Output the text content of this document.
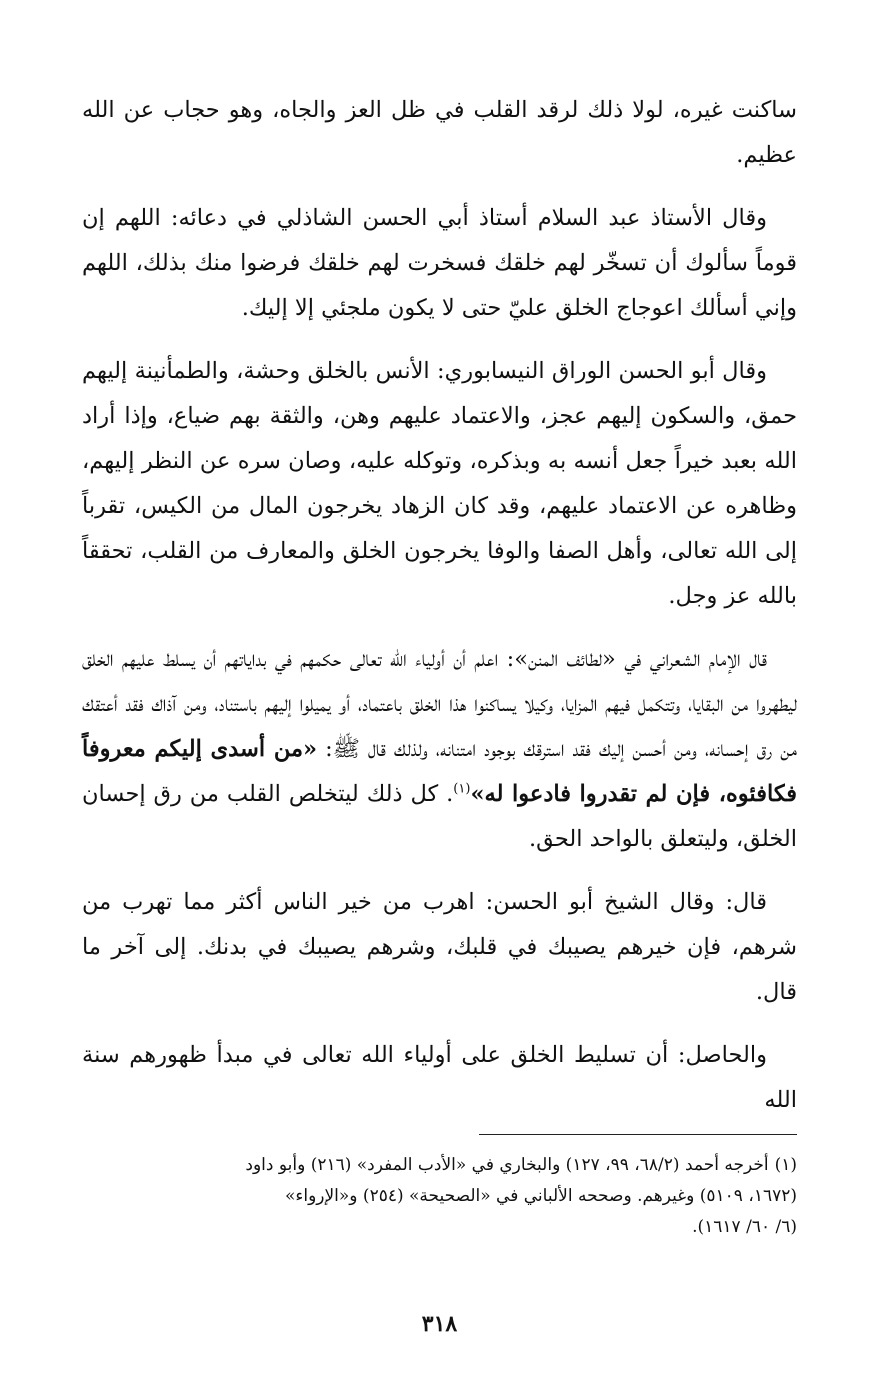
ساكنت غيره، لولا ذلك لرقد القلب في ظل العز والجاه، وهو حجاب عن الله عظيم.

وقال الأستاذ عبد السلام أستاذ أبي الحسن الشاذلي في دعائه: اللهم إن قوماً سألوك أن تسخّر لهم خلقك فسخرت لهم خلقك فرضوا منك بذلك، اللهم وإني أسألك اعوجاج الخلق عليّ حتى لا يكون ملجئي إلا إليك.

وقال أبو الحسن الوراق النيسابوري: الأنس بالخلق وحشة، والطمأنينة إليهم حمق، والسكون إليهم عجز، والاعتماد عليهم وهن، والثقة بهم ضياع، وإذا أراد الله بعبد خيراً جعل أنسه به وبذكره، وتوكله عليه، وصان سره عن النظر إليهم، وظاهره عن الاعتماد عليهم، وقد كان الزهاد يخرجون المال من الكيس، تقرباً إلى الله تعالى، وأهل الصفا والوفا يخرجون الخلق والمعارف من القلب، تحققاً بالله عز وجل.

قال الإمام الشعراني في «لطائف المنن»: اعلم أن أولياء الله تعالى حكمهم في بداياتهم أن يسلط عليهم الخلق ليطهروا من البقايا، وتتكمل فيهم المزايا، وكيلا يساكنوا هذا الخلق باعتماد، أو يميلوا إليهم باستناد، ومن آذاك فقد أعتقك من رق إحسانه، ومن أحسن إليك فقد استرقك بوجود امتنانه، ولذلك قال ﷺ: «من أسدى إليكم معروفاً فكافئوه، فإن لم تقدروا فادعوا له»$^{(١)}$. كل ذلك ليتخلص القلب من رق إحسان الخلق، وليتعلق بالواحد الحق.

قال: وقال الشيخ أبو الحسن: اهرب من خير الناس أكثر مما تهرب من شرهم، فإن خيرهم يصيبك في قلبك، وشرهم يصيبك في بدنك. إلى آخر ما قال.

والحاصل: أن تسليط الخلق على أولياء الله تعالى في مبدأ ظهورهم سنة الله

(١)أخرجه أحمد (٦٨/٢، ٩٩، ١٢٧) والبخاري في «الأدب المفرد» (٢١٦) وأبو داود

(١٦٧٢، ٥١٠٩) وغيرهم. وصححه الألباني في «الصحيحة» (٢٥٤) و«الإرواء»

(٦/ ٦٠/ ١٦١٧).

٣١٨
